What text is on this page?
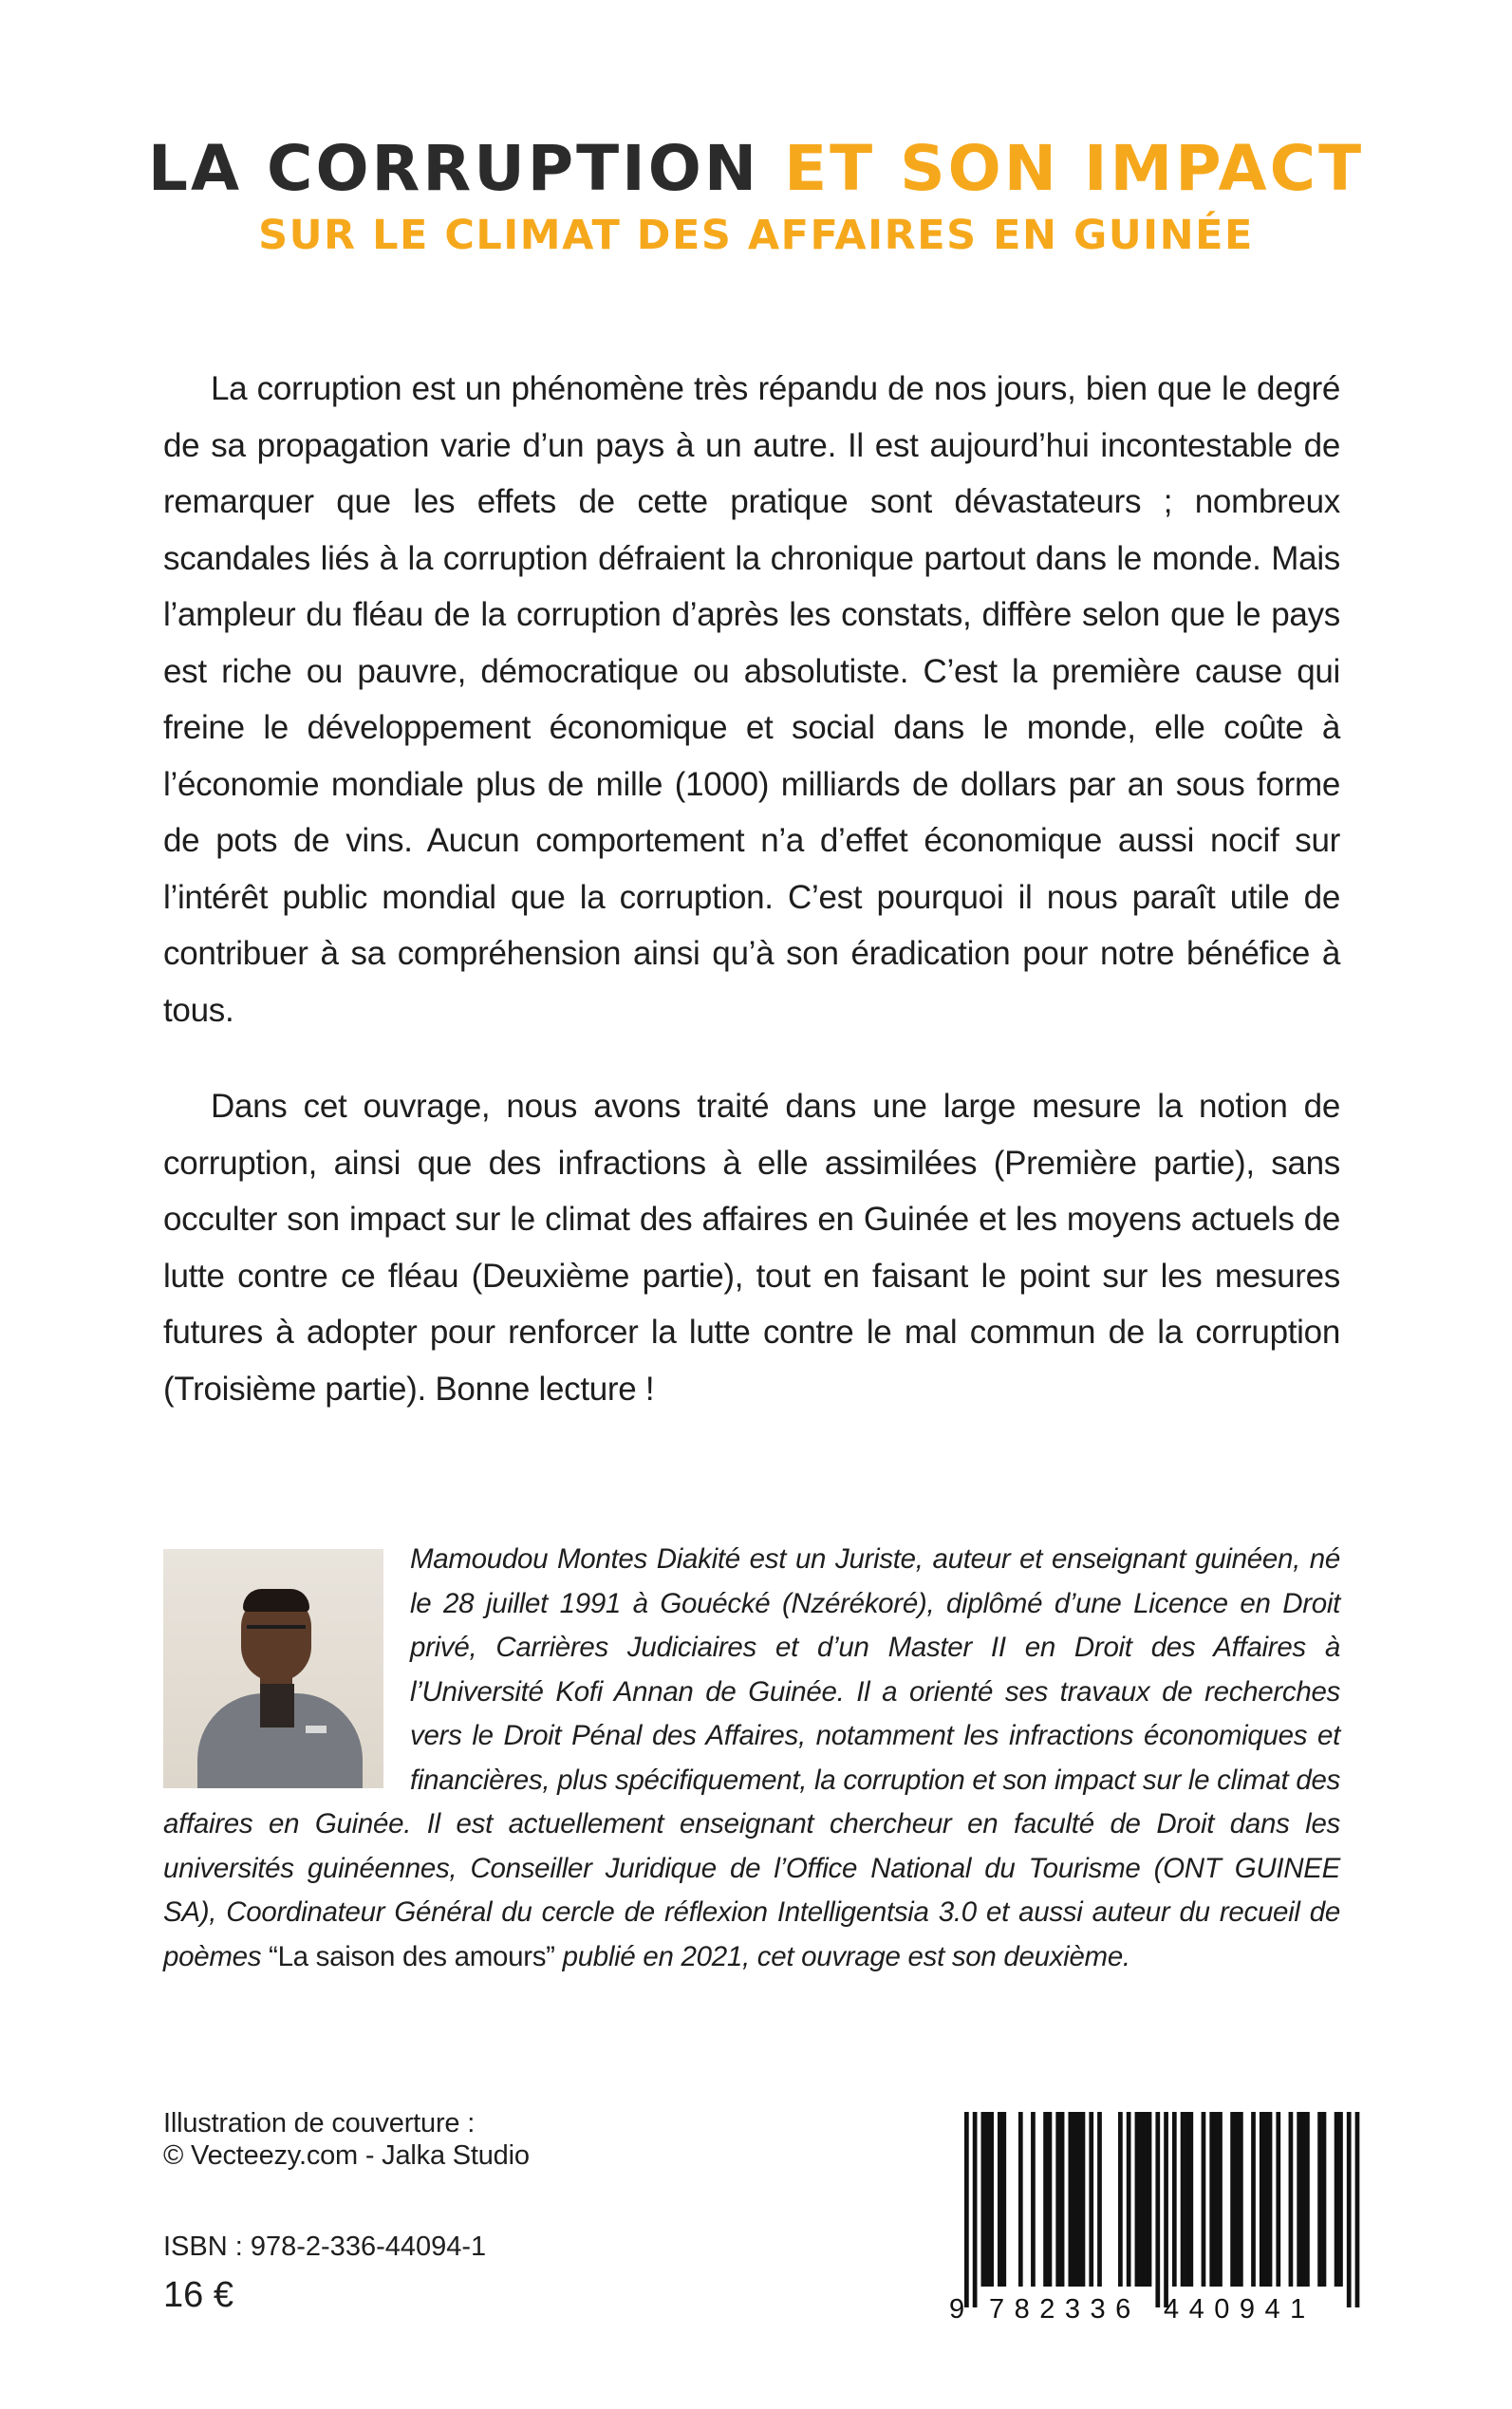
LA CORRUPTION ET SON IMPACT
SUR LE CLIMAT DES AFFAIRES EN GUINÉE

La corruption est un phénomène très répandu de nos jours, bien que le degré de sa propagation varie d’un pays à un autre. Il est aujourd’hui incontestable de remarquer que les effets de cette pratique sont dévastateurs ; nombreux scandales liés à la corruption défraient la chronique partout dans le monde. Mais l’ampleur du fléau de la corruption d’après les constats, diffère selon que le pays est riche ou pauvre, démocratique ou absolutiste. C’est la première cause qui freine le développement économique et social dans le monde, elle coûte à l’économie mondiale plus de mille (1000) milliards de dollars par an sous forme de pots de vins. Aucun comportement n’a d’effet économique aussi nocif sur l’intérêt public mondial que la corruption. C’est pourquoi il nous paraît utile de contribuer à sa compréhension ainsi qu’à son éradication pour notre bénéfice à tous.

Dans cet ouvrage, nous avons traité dans une large mesure la notion de corruption, ainsi que des infractions à elle assimilées (Première partie), sans occulter son impact sur le climat des affaires en Guinée et les moyens actuels de lutte contre ce fléau (Deuxième partie), tout en faisant le point sur les mesures futures à adopter pour renforcer la lutte contre le mal commun de la corruption (Troisième partie). Bonne lecture !

Mamoudou Montes Diakité est un Juriste, auteur et enseignant guinéen, né le 28 juillet 1991 à Gouécké (Nzérékoré), diplômé d’une Licence en Droit privé, Carrières Judiciaires et d’un Master II en Droit des Affaires à l’Université Kofi Annan de Guinée. Il a orienté ses travaux de recherches vers le Droit Pénal des Affaires, notamment les infractions économiques et financières, plus spécifiquement, la corruption et son impact sur le climat des affaires en Guinée. Il est actuellement enseignant chercheur en faculté de Droit dans les universités guinéennes, Conseiller Juridique de l’Office National du Tourisme (ONT GUINEE SA), Coordinateur Général du cercle de réflexion Intelligentsia 3.0 et aussi auteur du recueil de poèmes “La saison des amours” publié en 2021, cet ouvrage est son deuxième.

Illustration de couverture :
© Vecteezy.com - Jalka Studio
ISBN : 978-2-336-44094-1
16 €	9 782336 440941
